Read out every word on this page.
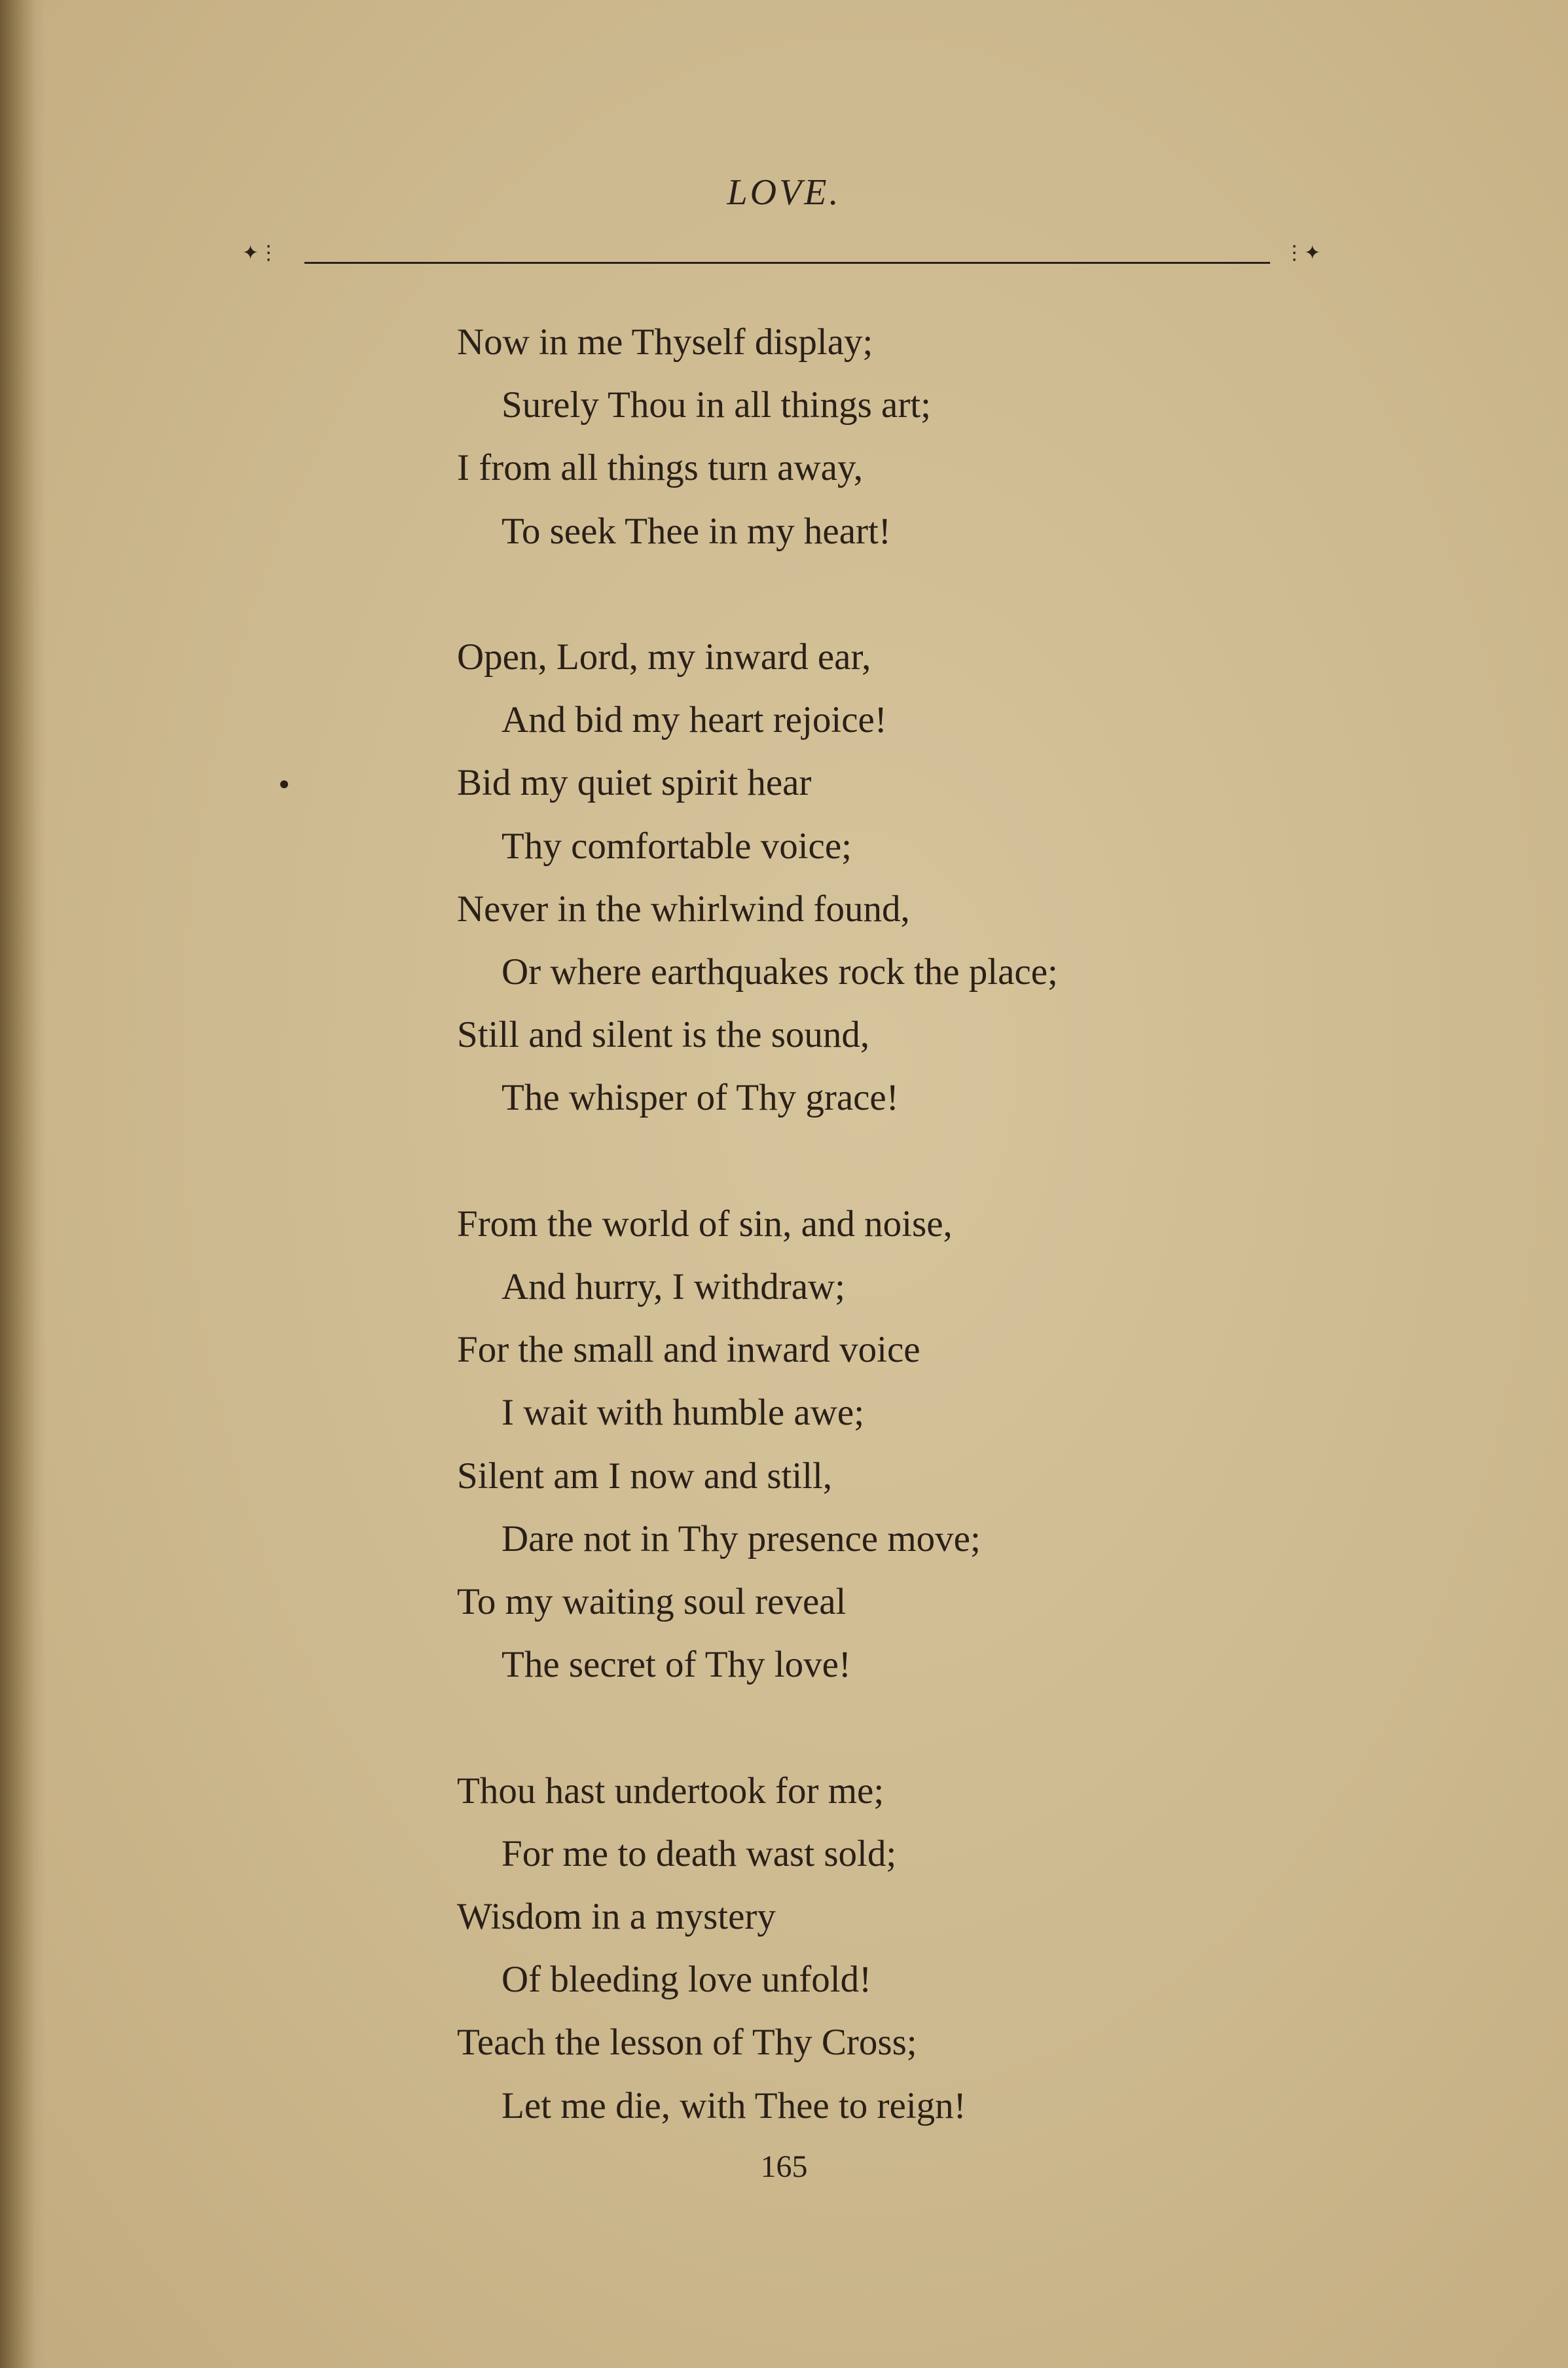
LOVE.
✦⋮	⋮✦
Now in me Thyself display;
Surely Thou in all things art;
I from all things turn away,
To seek Thee in my heart!
Open, Lord, my inward ear,
And bid my heart rejoice!
Bid my quiet spirit hear
Thy comfortable voice;
Never in the whirlwind found,
Or where earthquakes rock the place;
Still and silent is the sound,
The whisper of Thy grace!
From the world of sin, and noise,
And hurry, I withdraw;
For the small and inward voice
I wait with humble awe;
Silent am I now and still,
Dare not in Thy presence move;
To my waiting soul reveal
The secret of Thy love!
Thou hast undertook for me;
For me to death wast sold;
Wisdom in a mystery
Of bleeding love unfold!
Teach the lesson of Thy Cross;
Let me die, with Thee to reign!
165
